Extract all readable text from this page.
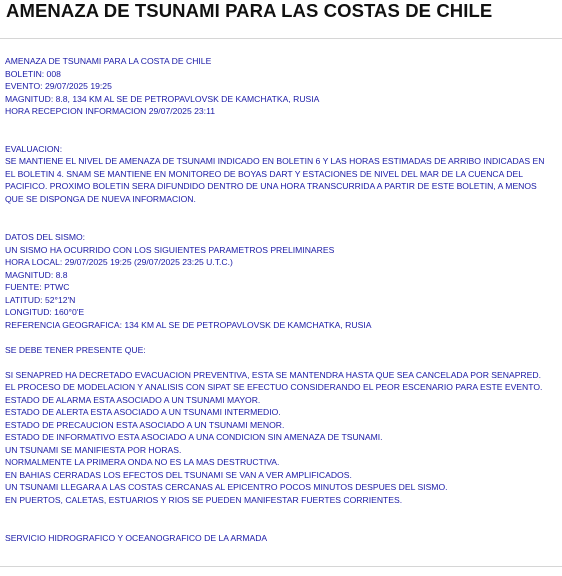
AMENAZA DE TSUNAMI PARA LAS COSTAS DE CHILE
AMENAZA DE TSUNAMI PARA LA COSTA DE CHILE
BOLETIN: 008
EVENTO: 29/07/2025 19:25
MAGNITUD: 8.8, 134 KM AL SE DE PETROPAVLOVSK DE KAMCHATKA, RUSIA
HORA RECEPCION INFORMACION 29/07/2025 23:11
EVALUACION:
SE MANTIENE EL NIVEL DE AMENAZA DE TSUNAMI INDICADO EN BOLETIN 6 Y LAS HORAS ESTIMADAS DE ARRIBO INDICADAS EN
EL BOLETIN 4. SNAM SE MANTIENE EN MONITOREO DE BOYAS DART Y ESTACIONES DE NIVEL DEL MAR DE LA CUENCA DEL
PACIFICO. PROXIMO BOLETIN SERA DIFUNDIDO DENTRO DE UNA HORA TRANSCURRIDA A PARTIR DE ESTE BOLETIN, A MENOS
QUE SE DISPONGA DE NUEVA INFORMACION.
DATOS DEL SISMO:
UN SISMO HA OCURRIDO CON LOS SIGUIENTES PARAMETROS PRELIMINARES
HORA LOCAL: 29/07/2025 19:25 (29/07/2025 23:25 U.T.C.)
MAGNITUD: 8.8
FUENTE: PTWC
LATITUD: 52°12'N
LONGITUD: 160°0'E
REFERENCIA GEOGRAFICA: 134 KM AL SE DE PETROPAVLOVSK DE KAMCHATKA, RUSIA
SE DEBE TENER PRESENTE QUE:
SI SENAPRED HA DECRETADO EVACUACION PREVENTIVA, ESTA SE MANTENDRA HASTA QUE SEA CANCELADA POR SENAPRED.
EL PROCESO DE MODELACION Y ANALISIS CON SIPAT SE EFECTUO CONSIDERANDO EL PEOR ESCENARIO PARA ESTE EVENTO.
ESTADO DE ALARMA ESTA ASOCIADO A UN TSUNAMI MAYOR.
ESTADO DE ALERTA ESTA ASOCIADO A UN TSUNAMI INTERMEDIO.
ESTADO DE PRECAUCION ESTA ASOCIADO A UN TSUNAMI MENOR.
ESTADO DE INFORMATIVO ESTA ASOCIADO A UNA CONDICION SIN AMENAZA DE TSUNAMI.
UN TSUNAMI SE MANIFIESTA POR HORAS.
NORMALMENTE LA PRIMERA ONDA NO ES LA MAS DESTRUCTIVA.
EN BAHIAS CERRADAS LOS EFECTOS DEL TSUNAMI SE VAN A VER AMPLIFICADOS.
UN TSUNAMI LLEGARA A LAS COSTAS CERCANAS AL EPICENTRO POCOS MINUTOS DESPUES DEL SISMO.
EN PUERTOS, CALETAS, ESTUARIOS Y RIOS SE PUEDEN MANIFESTAR FUERTES CORRIENTES.
SERVICIO HIDROGRAFICO Y OCEANOGRAFICO DE LA ARMADA
